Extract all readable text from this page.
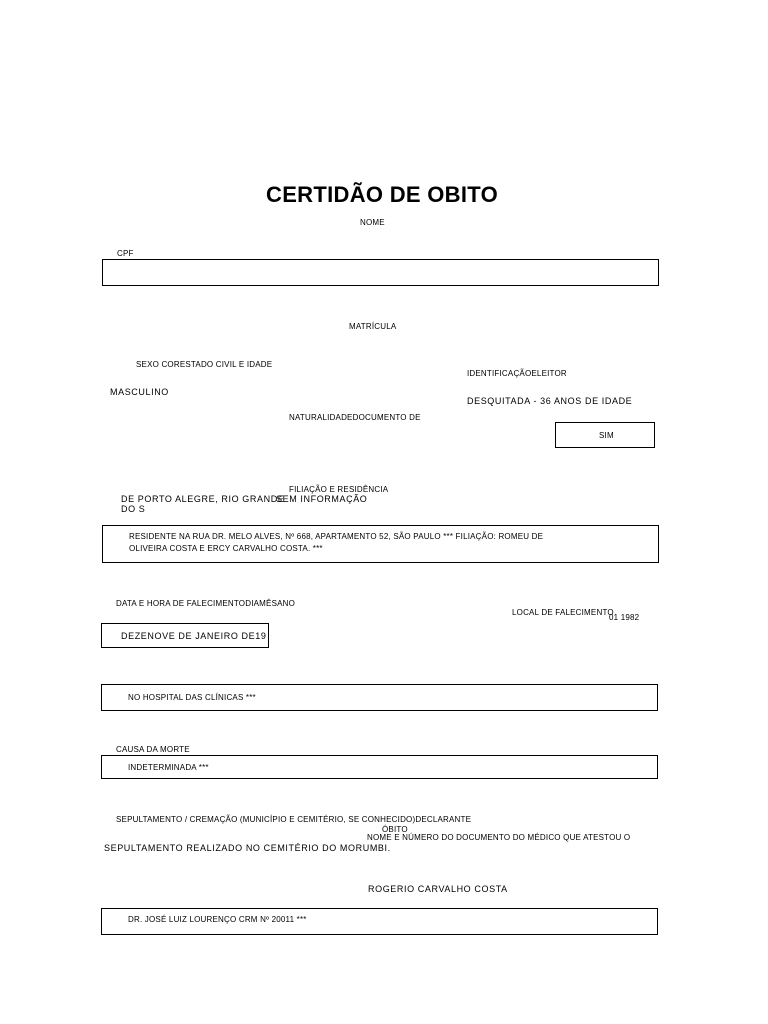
CERTIDÃO DE OBITO
NOME
CPF
MATRÍCULA
SEXO CORESTADO CIVIL E IDADE
IDENTIFICAÇÃOELEITOR
MASCULINO
DESQUITADA - 36 ANOS DE IDADE
NATURALIDADEDOCUMENTO DE
SIM
FILIAÇÃO E RESIDÊNCIA
DE PORTO ALEGRE, RIO GRANDE
SEM INFORMAÇÃO
DO S
RESIDENTE NA RUA DR. MELO ALVES, Nº 668, APARTAMENTO 52, SÃO PAULO *** FILIAÇÃO: ROMEU DE
OLIVEIRA COSTA E ERCY CARVALHO COSTA. ***
DATA E HORA DE FALECIMENTODIAMÊSANO
LOCAL DE FALECIMENTO
01 1982
DEZENOVE DE JANEIRO DE19
NO HOSPITAL DAS CLÍNICAS ***
CAUSA DA MORTE
INDETERMINADA ***
SEPULTAMENTO / CREMAÇÃO (MUNICÍPIO E CEMITÉRIO, SE CONHECIDO)DECLARANTE
ÓBITO
NOME E NÚMERO DO DOCUMENTO DO MÉDICO QUE ATESTOU O
SEPULTAMENTO REALIZADO NO CEMITÉRIO DO MORUMBI.
ROGERIO CARVALHO COSTA
DR. JOSÉ LUIZ LOURENÇO CRM Nº 20011 ***
